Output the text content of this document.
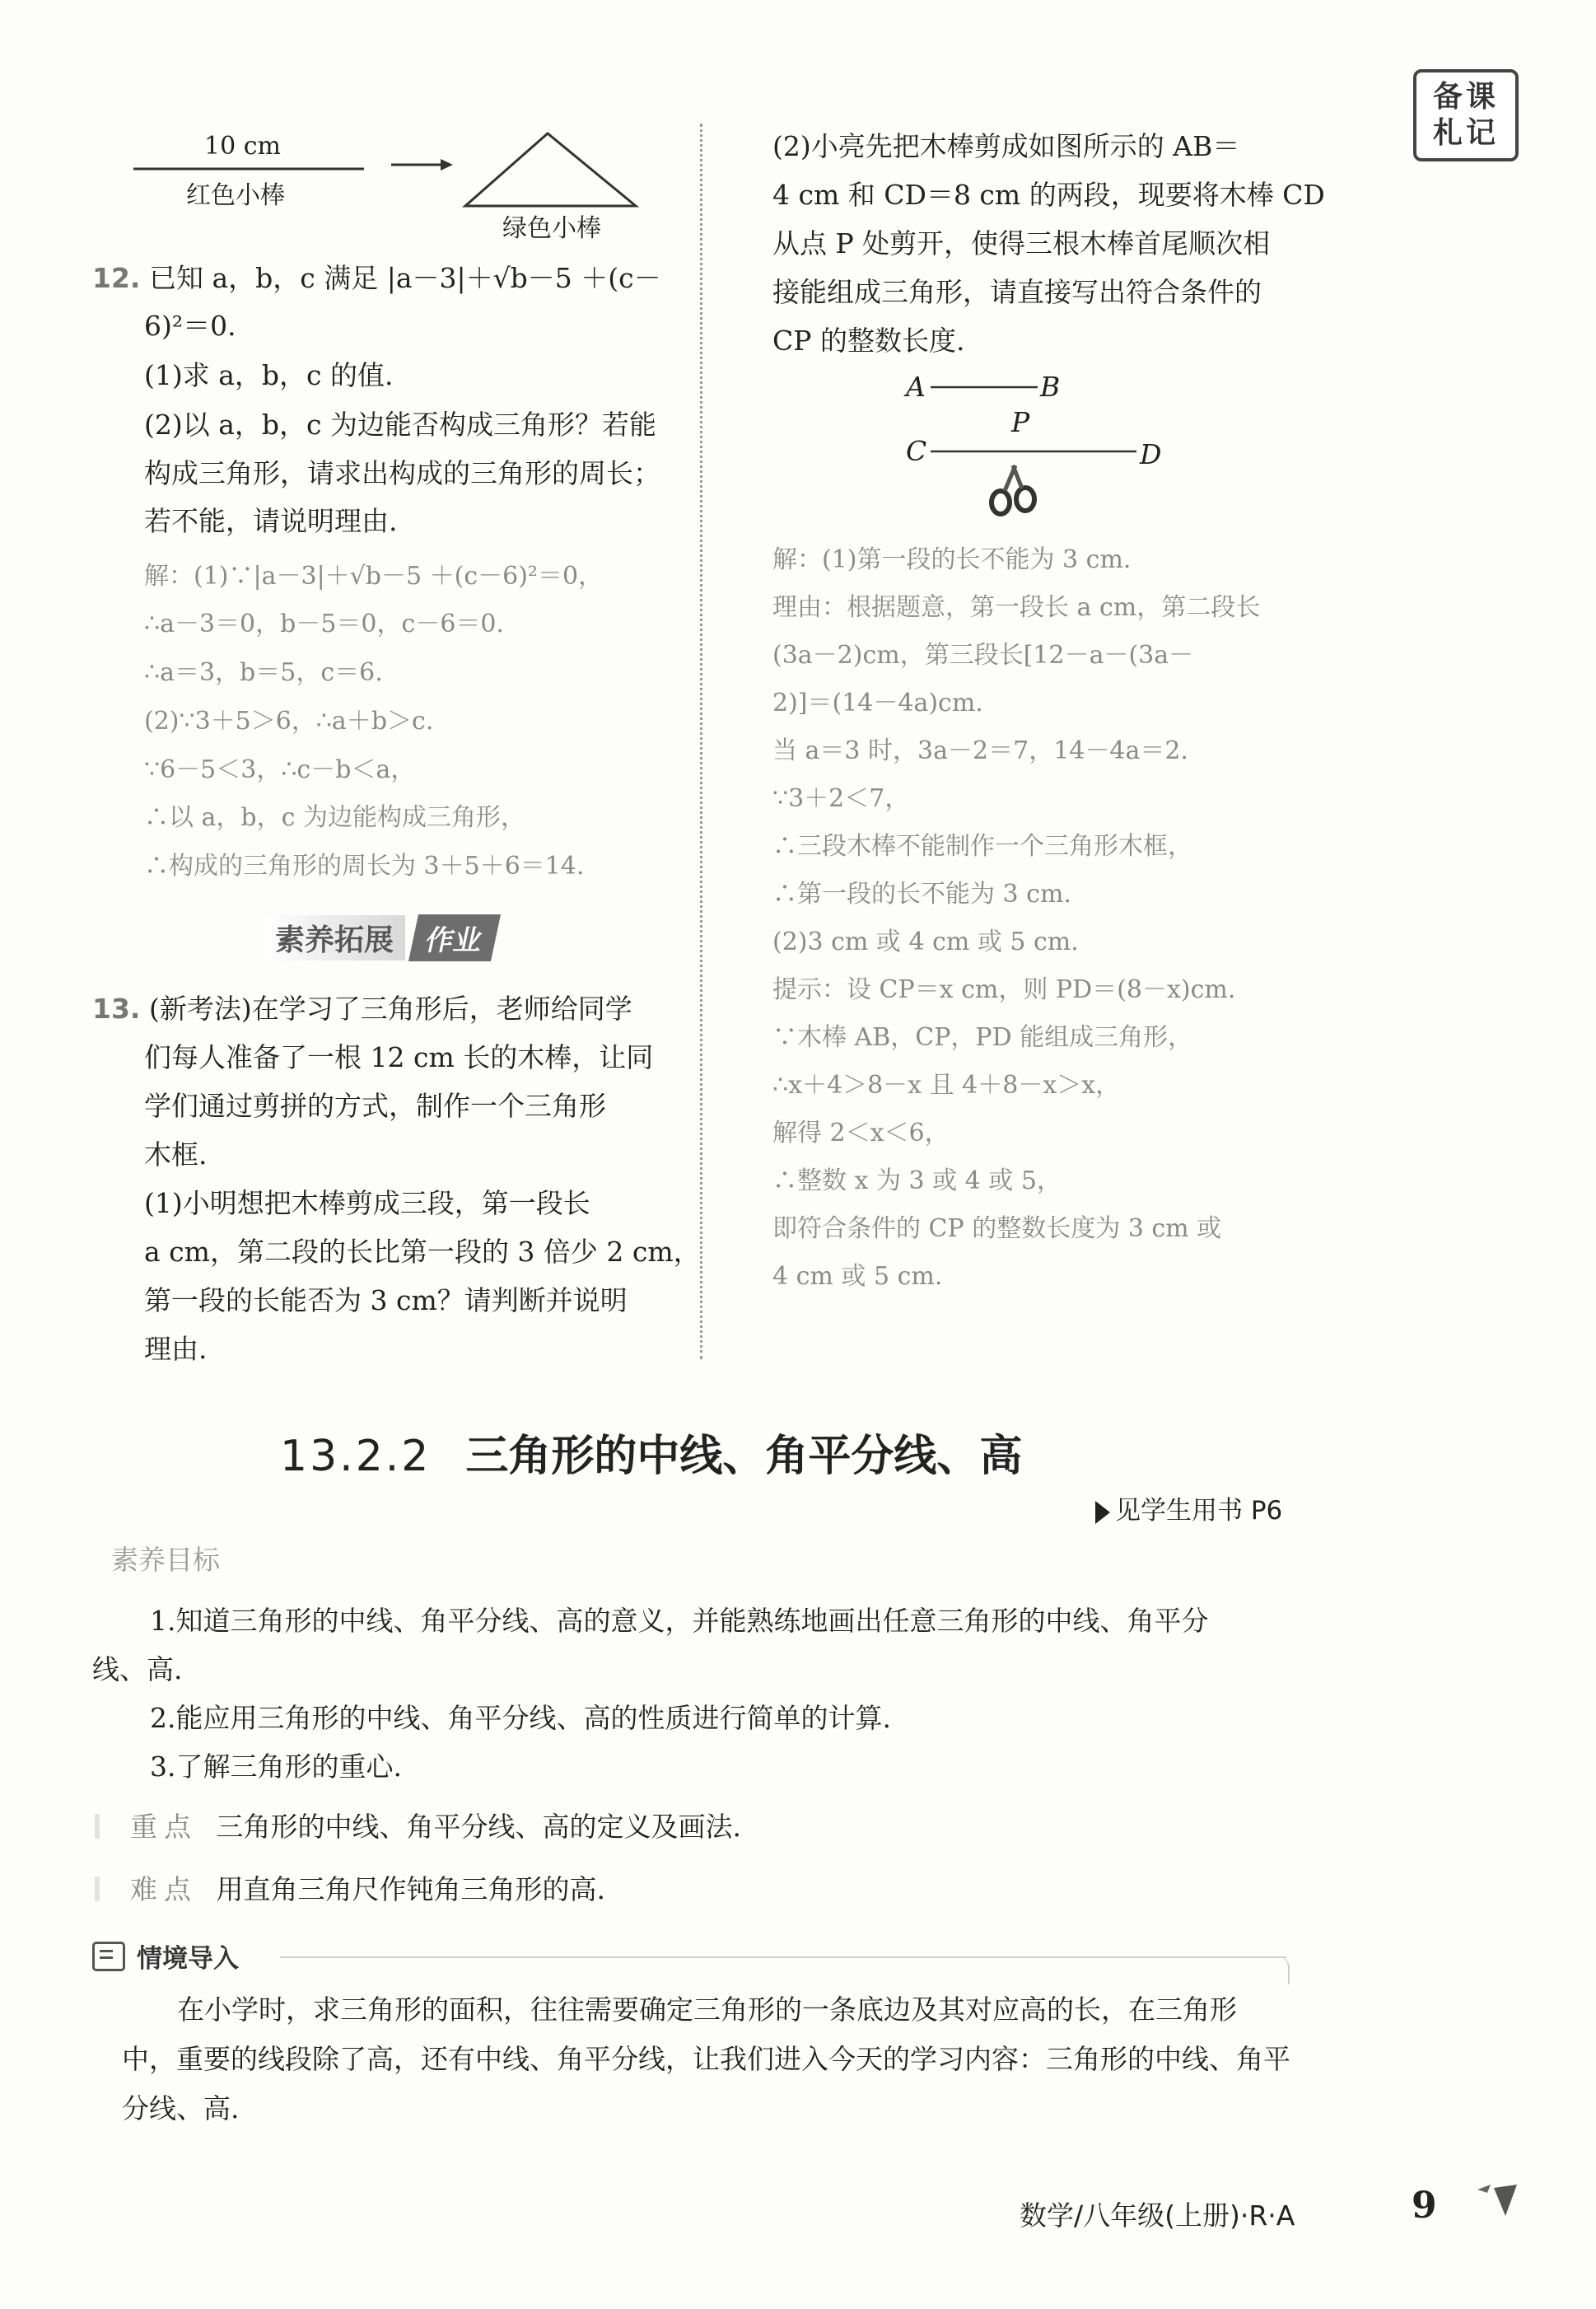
备课
札记
10 cm
红色小棒
绿色小棒
12. 已知 a，b，c 满足 |a－3|＋√b－5 ＋(c－
6)²＝0.
(1)求 a，b，c 的值.
(2)以 a，b，c 为边能否构成三角形？若能
构成三角形，请求出构成的三角形的周长；
若不能，请说明理由.
解：(1)∵|a－3|＋√b－5 ＋(c－6)²＝0，
∴a－3＝0，b－5＝0，c－6＝0.
∴a＝3，b＝5，c＝6.
(2)∵3＋5＞6，∴a＋b＞c.
∵6－5＜3，∴c－b＜a，
∴以 a，b，c 为边能构成三角形，
∴构成的三角形的周长为 3＋5＋6＝14.
素养拓展	作业
13. (新考法)在学习了三角形后，老师给同学
们每人准备了一根 12 cm 长的木棒，让同
学们通过剪拼的方式，制作一个三角形
木框.
(1)小明想把木棒剪成三段，第一段长
a cm，第二段的长比第一段的 3 倍少 2 cm，
第一段的长能否为 3 cm？请判断并说明
理由.
(2)小亮先把木棒剪成如图所示的 AB＝
4 cm 和 CD＝8 cm 的两段，现要将木棒 CD
从点 P 处剪开，使得三根木棒首尾顺次相
接能组成三角形，请直接写出符合条件的
CP 的整数长度.
A	B
P
C	D
解：(1)第一段的长不能为 3 cm.
理由：根据题意，第一段长 a cm，第二段长
(3a－2)cm，第三段长[12－a－(3a－
2)]＝(14－4a)cm.
当 a＝3 时，3a－2＝7，14－4a＝2.
∵3＋2＜7，
∴三段木棒不能制作一个三角形木框，
∴第一段的长不能为 3 cm.
(2)3 cm 或 4 cm 或 5 cm.
提示：设 CP＝x cm，则 PD＝(8－x)cm.
∵木棒 AB，CP，PD 能组成三角形，
∴x＋4＞8－x 且 4＋8－x＞x，
解得 2＜x＜6，
∴整数 x 为 3 或 4 或 5，
即符合条件的 CP 的整数长度为 3 cm 或
4 cm 或 5 cm.
13.2.2 三角形的中线、角平分线、高
见学生用书 P6
素养目标
1.知道三角形的中线、角平分线、高的意义，并能熟练地画出任意三角形的中线、角平分
线、高.
2.能应用三角形的中线、角平分线、高的性质进行简单的计算.
3.了解三角形的重心.
重点 三角形的中线、角平分线、高的定义及画法.
难点 用直角三角尺作钝角三角形的高.
情境导入
在小学时，求三角形的面积，往往需要确定三角形的一条底边及其对应高的长，在三角形
中，重要的线段除了高，还有中线、角平分线，让我们进入今天的学习内容：三角形的中线、角平
分线、高.
数学/八年级(上册)·R·A	9
